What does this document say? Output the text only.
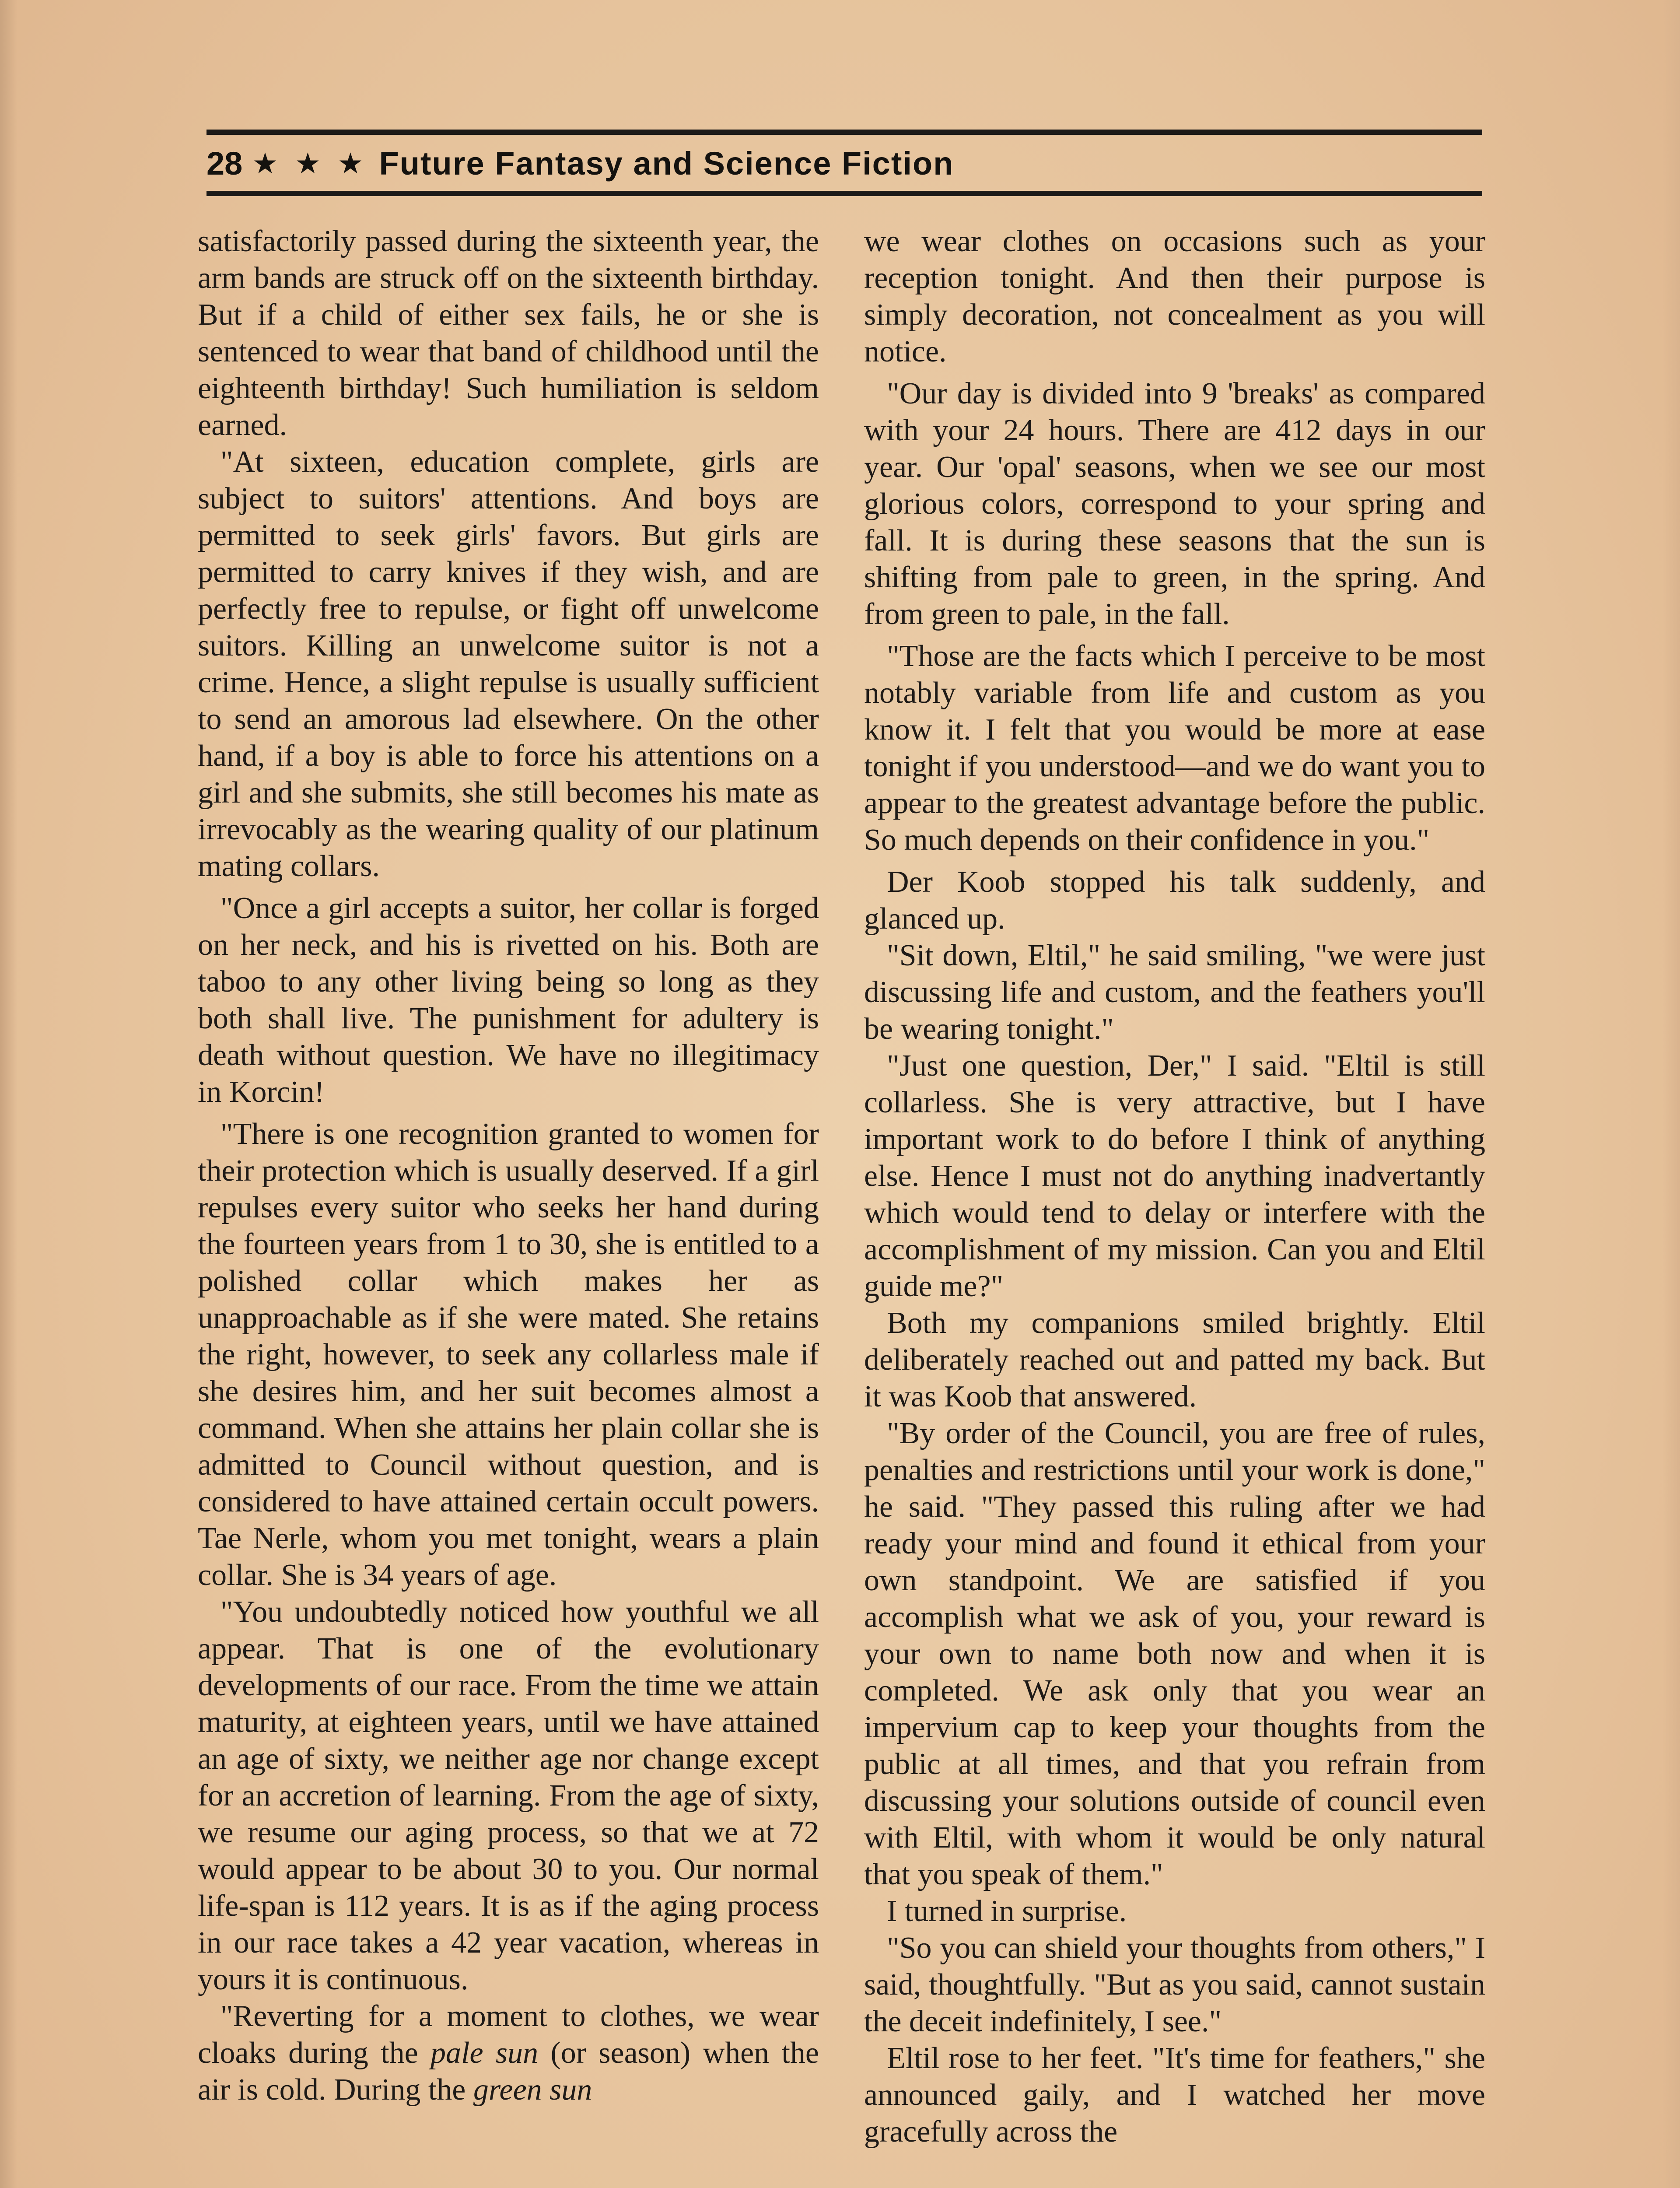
28 ★ ★ ★ Future Fantasy and Science Fiction

satisfactorily passed during the sixteenth year, the arm bands are struck off on the sixteenth birthday. But if a child of either sex fails, he or she is sentenced to wear that band of childhood until the eighteenth birthday! Such humiliation is seldom earned.

"At sixteen, education complete, girls are subject to suitors' attentions. And boys are permitted to seek girls' favors. But girls are permitted to carry knives if they wish, and are perfectly free to repulse, or fight off unwelcome suitors. Killing an unwelcome suitor is not a crime. Hence, a slight repulse is usually sufficient to send an amorous lad elsewhere. On the other hand, if a boy is able to force his attentions on a girl and she submits, she still becomes his mate as irrevocably as the wearing quality of our platinum mating collars.

"Once a girl accepts a suitor, her collar is forged on her neck, and his is rivetted on his. Both are taboo to any other living being so long as they both shall live. The punishment for adultery is death without question. We have no illegitimacy in Korcin!

"There is one recognition granted to women for their protection which is usually deserved. If a girl repulses every suitor who seeks her hand during the fourteen years from 1 to 30, she is entitled to a polished collar which makes her as unapproachable as if she were mated. She retains the right, however, to seek any collarless male if she desires him, and her suit becomes almost a command. When she attains her plain collar she is admitted to Council without question, and is considered to have attained certain occult powers. Tae Nerle, whom you met tonight, wears a plain collar. She is 34 years of age.

"You undoubtedly noticed how youthful we all appear. That is one of the evolutionary developments of our race. From the time we attain maturity, at eighteen years, until we have attained an age of sixty, we neither age nor change except for an accretion of learning. From the age of sixty, we resume our aging process, so that we at 72 would appear to be about 30 to you. Our normal life-span is 112 years. It is as if the aging process in our race takes a 42 year vacation, whereas in yours it is continuous.

"Reverting for a moment to clothes, we wear cloaks during the pale sun (or season) when the air is cold. During the green sun

we wear clothes on occasions such as your reception tonight. And then their purpose is simply decoration, not concealment as you will notice.

"Our day is divided into 9 'breaks' as compared with your 24 hours. There are 412 days in our year. Our 'opal' seasons, when we see our most glorious colors, correspond to your spring and fall. It is during these seasons that the sun is shifting from pale to green, in the spring. And from green to pale, in the fall.

"Those are the facts which I perceive to be most notably variable from life and custom as you know it. I felt that you would be more at ease tonight if you understood—and we do want you to appear to the greatest advantage before the public. So much depends on their confidence in you."

Der Koob stopped his talk suddenly, and glanced up.

"Sit down, Eltil," he said smiling, "we were just discussing life and custom, and the feathers you'll be wearing tonight."

"Just one question, Der," I said. "Eltil is still collarless. She is very attractive, but I have important work to do before I think of anything else. Hence I must not do anything inadvertantly which would tend to delay or interfere with the accomplishment of my mission. Can you and Eltil guide me?"

Both my companions smiled brightly. Eltil deliberately reached out and patted my back. But it was Koob that answered.

"By order of the Council, you are free of rules, penalties and restrictions until your work is done," he said. "They passed this ruling after we had ready your mind and found it ethical from your own standpoint. We are satisfied if you accomplish what we ask of you, your reward is your own to name both now and when it is completed. We ask only that you wear an impervium cap to keep your thoughts from the public at all times, and that you refrain from discussing your solutions outside of council even with Eltil, with whom it would be only natural that you speak of them."

I turned in surprise.

"So you can shield your thoughts from others," I said, thoughtfully. "But as you said, cannot sustain the deceit indefinitely, I see."

Eltil rose to her feet. "It's time for feathers," she announced gaily, and I watched her move gracefully across the
